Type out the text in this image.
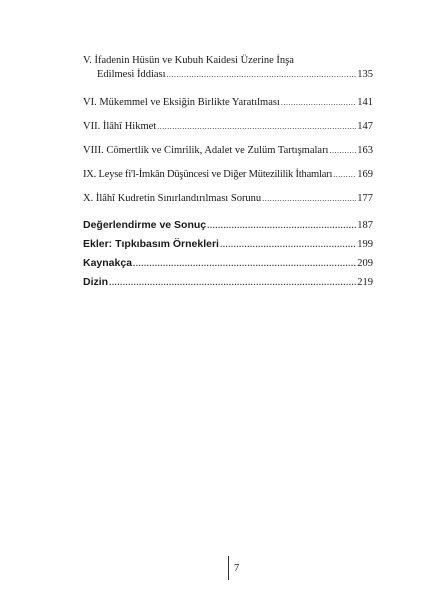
V. İfadenin Hüsün ve Kubuh Kaidesi Üzerine İnşa
Edilmesi İddiası .....	135
VI. Mükemmel ve Eksiğin Birlikte Yaratılması .....	141
VII. İlâhî Hikmet .....	147
VIII. Cömertlik ve Cimrilik, Adalet ve Zulüm Tartışmaları .....	163
IX. Leyse fi'l-İmkân Düşüncesi ve Diğer Mütezililik İthamları ..... 169
X. İlâhî Kudretin Sınırlandırılması Sorunu .....	177
Değerlendirme ve Sonuç .....	187
Ekler: Tıpkıbasım Örnekleri .....	199
Kaynakça .....	209
Dizin .....	219
7
